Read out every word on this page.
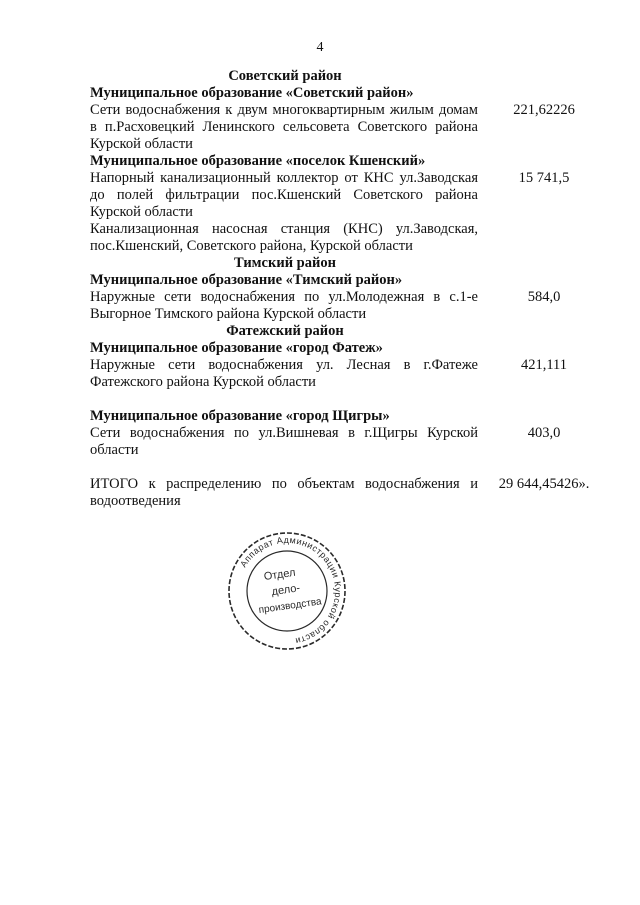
4
Советский район
Муниципальное образование «Советский район»
Сети водоснабжения к двум многоквартирным жилым домам в п.Расховецкий Ленинского сельсовета Советского района Курской области
221,62226
Муниципальное образование «поселок Кшенский»
Напорный канализационный коллектор от КНС ул.Заводская до полей фильтрации пос.Кшенский Советского района Курской области
15 741,5
Канализационная насосная станция (КНС) ул.Заводская, пос.Кшенский, Советского района, Курской области
Тимский район
Муниципальное образование «Тимский район»
Наружные сети водоснабжения по ул.Молодежная в с.1-е Выгорное Тимского района Курской области
584,0
Фатежский район
Муниципальное образование «город Фатеж»
Наружные сети водоснабжения ул. Лесная в г.Фатеже Фатежского района Курской области
421,111
Муниципальное образование «город Щигры»
Сети водоснабжения по ул.Вишневая в г.Щигры Курской области
403,0
ИТОГО к распределению по объектам водоснабжения и водоотведения
29 644,45426».
Аппарат Администрации Курской области
Отдел
дело-
производства
